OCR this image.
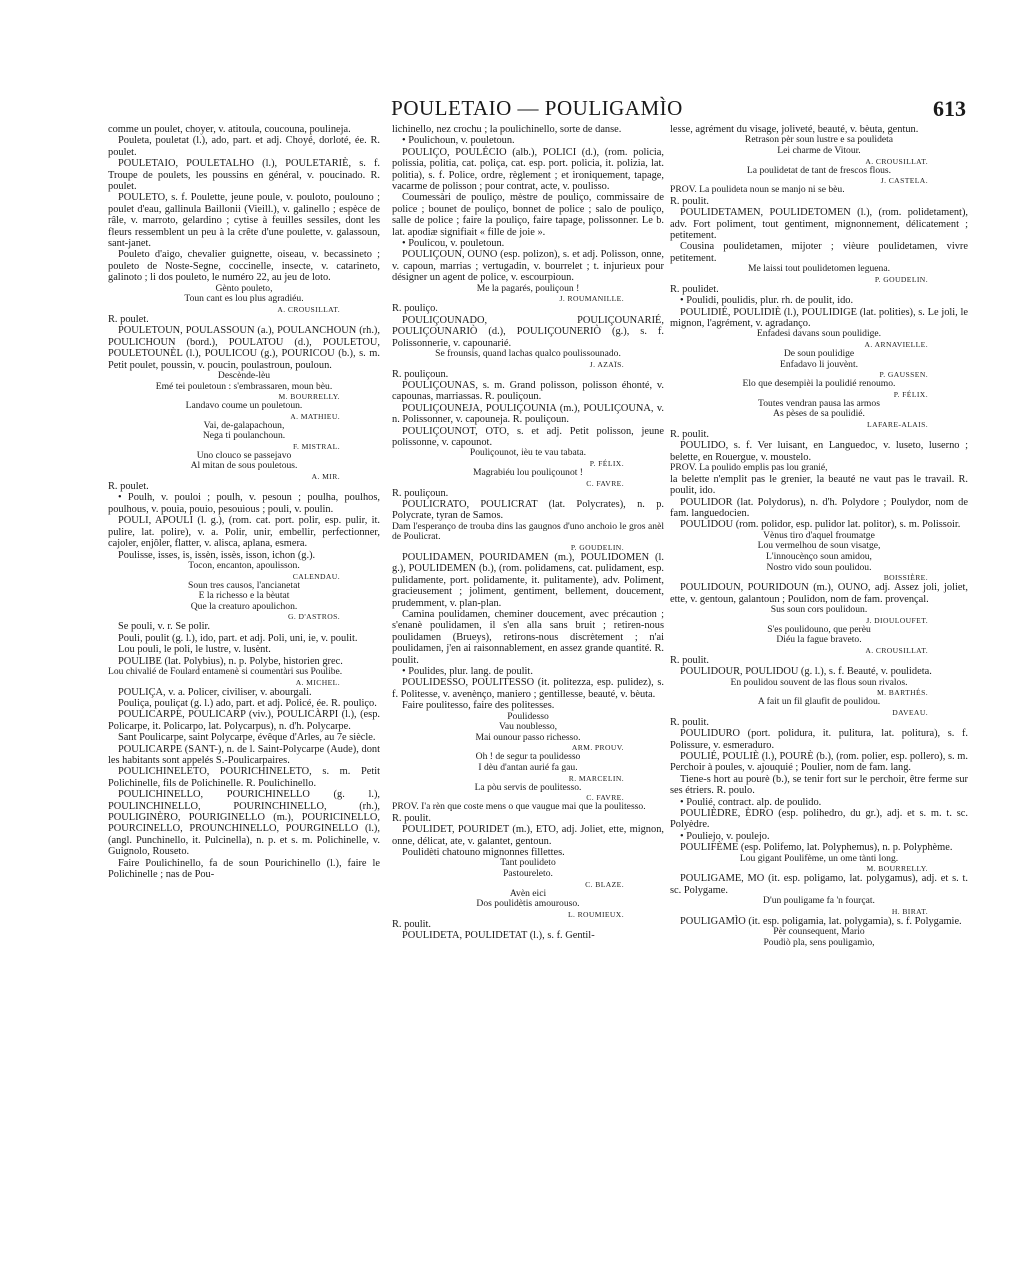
POULETAIO — POULIGAMÌO	613

comme un poulet, choyer, v. atitoula, coucouna, poulineja.

Pouleta, pouletat (l.), ado, part. et adj. Choyé, dorloté, ée. R. poulet.

POULETAIO, POULETALHO (l.), POULETARIÈ, s. f. Troupe de poulets, les poussins en général, v. poucinado. R. poulet.

POULETO, s. f. Poulette, jeune poule, v. pouloto, poulouno ; poulet d'eau, gallinula Baillonii (Vieill.), v. galinello ; espèce de râle, v. marroto, gelardino ; cytise à feuilles sessiles, dont les fleurs ressemblent un peu à la crête d'une poulette, v. galassoun, sant-janet.

Pouleto d'aigo, chevalier guignette, oiseau, v. becassineto ; pouleto de Noste-Segne, coccinelle, insecte, v. catarineto, galinoto ; li dos pouleto, le numéro 22, au jeu de loto.

Gènto pouleto,

Toun cant es lou plus agradiéu.

A. CROUSILLAT.

R. poulet.

POULETOUN, POULASSOUN (a.), POULANCHOUN (rh.), POULICHOUN (bord.), POULATOU (d.), POULETOU, POULETOUNÈL (l.), POULICOU (g.), POURICOU (b.), s. m. Petit poulet, poussin, v. poucin, poulastroun, pouloun.

Descènde-lèu

Emé tei pouletoun : s'embrassaren, moun bèu.

M. BOURRELLY.

Landavo coume un pouletoun.

A. MATHIEU.

Vai, de-galapachoun,

Nega ti poulanchoun.

F. MISTRAL.

Uno clouco se passejavo

Al mitan de sous pouletous.

A. MIR.

R. poulet.

• Poulh, v. pouloi ; poulh, v. pesoun ; poulha, poulhos, poulhous, v. pouia, pouio, pesouious ; pouli, v. poulin.

POULI, APOULI (l. g.), (rom. cat. port. polir, esp. pulir, it. pulire, lat. polire), v. a. Polir, unir, embellir, perfectionner, cajoler, enjôler, flatter, v. alisca, aplana, esmera.

Poulisse, isses, is, issèn, issès, isson, ichon (g.).

Tocon, encanton, apoulisson.

CALENDAU.

Soun tres causos, l'ancianetat

E la richesso e la bèutat

Que la creaturo apoulichon.

G. D'ASTROS.

Se pouli, v. r. Se polir.

Pouli, poulit (g. l.), ido, part. et adj. Poli, uni, ie, v. poulit.

Lou pouli, le poli, le lustre, v. lusènt.

POULIBE (lat. Polybius), n. p. Polybe, historien grec.

Lou chivalié de Foulard entamenè si coumentàri sus Poulibe.

A. MICHEL.

POULIÇA, v. a. Policer, civiliser, v. abourgali.

Pouliça, pouliçat (g. l.) ado, part. et adj. Policé, ée. R. pouliço.

POULICARPE, POULICARP (viv.), POULICÀRPI (l.), (esp. Policarpe, it. Policarpo, lat. Polycarpus), n. d'h. Polycarpe.

Sant Poulicarpe, saint Polycarpe, évêque d'Arles, au 7e siècle.

POULICARPE (SANT-), n. de l. Saint-Polycarpe (Aude), dont les habitants sont appelés S.-Poulicarpaires.

POULICHINELETO, POURICHINELETO, s. m. Petit Polichinelle, fils de Polichinelle. R. Poulichinello.

POULICHINELLO, POURICHINELLO (g. l.), POULINCHINELLO, POURINCHINELLO, (rh.), POULIGINÈRO, POURIGINELLO (m.), POURICINELLO, POURCINELLO, PROUNCHINELLO, POURGINELLO (l.), (angl. Punchinello, it. Pulcinella), n. p. et s. m. Polichinelle, v. Guignolo, Rouseto.

Faire Poulichinello, fa de soun Pourichinello (l.), faire le Polichinelle ; nas de Pou-

lichinello, nez crochu ; la poulichinello, sorte de danse.

• Poulichoun, v. pouletoun.

POULIÇO, POULÉCIO (alb.), POLICI (d.), (rom. policia, polissia, politia, cat. poliça, cat. esp. port. policia, it. polizia, lat. politia), s. f. Police, ordre, règlement ; et ironiquement, tapage, vacarme de polisson ; pour contrat, acte, v. poulisso.

Coumessàri de pouliço, mèstre de pouliço, commissaire de police ; bounet de pouliço, bonnet de police ; salo de pouliço, salle de police ; faire la pouliço, faire tapage, polissonner. Le b. lat. apodiæ signifiait « fille de joie ».

• Poulicou, v. pouletoun.

POULIÇOUN, OUNO (esp. polizon), s. et adj. Polisson, onne, v. capoun, marrias ; vertugadin, v. bourrelet ; t. injurieux pour désigner un agent de police, v. escourpioun.

Me la pagarés, pouliçoun !

J. ROUMANILLE.

R. pouliço.

POULIÇOUNADO, POULIÇOUNARIÉ, POULIÇOUNARIÒ (d.), POULIÇOUNERIÒ (g.), s. f. Polissonnerie, v. capounarié.

Se frounsis, quand lachas qualco poulissounado.

J. AZAÏS.

R. pouliçoun.

POULIÇOUNAS, s. m. Grand polisson, polisson éhonté, v. capounas, marriassas. R. pouliçoun.

POULIÇOUNEJA, POULIÇOUNIA (m.), POULIÇOUNA, v. n. Polissonner, v. capouneja. R. pouliçoun.

POULIÇOUNOT, OTO, s. et adj. Petit polisson, jeune polissonne, v. capounot.

Pouliçounot, ièu te vau tabata.

P. FÉLIX.

Magrabiéu lou pouliçounot !

C. FAVRE.

R. pouliçoun.

POULICRATO, POULICRAT (lat. Polycrates), n. p. Polycrate, tyran de Samos.

Dam l'esperanço de trouba dins las gaugnos d'uno anchoio le gros anèl de Poulicrat.

P. GOUDELIN.

POULIDAMEN, POURIDAMEN (m.), POULIDOMEN (l. g.), POULIDEMEN (b.), (rom. polidamens, cat. pulidament, esp. pulidamente, port. polidamente, it. pulitamente), adv. Poliment, gracieusement ; joliment, gentiment, bellement, doucement, prudemment, v. plan-plan.

Camina poulidamen, cheminer doucement, avec précaution ; s'enanè poulidamen, il s'en alla sans bruit ; retiren-nous poulidamen (Brueys), retirons-nous discrètement ; n'ai poulidamen, j'en ai raisonnablement, en assez grande quantité. R. poulit.

• Poulides, plur. lang. de poulit.

POULIDESSO, POULITESSO (it. politezza, esp. pulidez), s. f. Politesse, v. avenènço, maniero ; gentillesse, beauté, v. bèuta.

Faire poulitesso, faire des politesses.

Poulidesso

Vau noublesso,

Mai ounour passo richesso.

ARM. PROUV.

Oh ! de segur ta poulidesso

I dèu d'antan aurié fa gau.

R. MARCELIN.

La pòu servis de poulitesso.

C. FAVRE.

PROV. I'a rèn que coste mens o que vaugue mai que la poulitesso.

R. poulit.

POULIDET, POURIDET (m.), ETO, adj. Joliet, ette, mignon, onne, délicat, ate, v. galantet, gentoun.

Poulidèti chatouno mignonnes fillettes.

Tant poulideto

Pastoureleto.

C. BLAZE.

Avèn eici

Dos poulidètis amourouso.

L. ROUMIEUX.

R. poulit.

POULIDETA, POULIDETAT (l.), s. f. Gentil-

lesse, agrément du visage, joliveté, beauté, v. bèuta, gentun.

Retrason pèr soun lustre e sa poulideta

Lei charme de Vitour.

A. CROUSILLAT.

La poulidetat de tant de frescos flous.

J. CASTELA.

PROV. La poulideta noun se manjo ni se bèu.

R. poulit.

POULIDETAMEN, POULIDETOMEN (l.), (rom. polidetament), adv. Fort poliment, tout gentiment, mignonnement, délicatement ; petitement.

Cousina poulidetamen, mijoter ; vièure poulidetamen, vivre petitement.

Me laissi tout poulidetomen leguena.

P. GOUDELIN.

R. poulidet.

• Poulidi, poulidis, plur. rh. de poulit, ido.

POULIDIÉ, POULIDIÈ (l.), POULIDIGE (lat. polities), s. Le joli, le mignon, l'agrément, v. agradanço.

Enfadesi davans soun poulidige.

A. ARNAVIELLE.

De soun poulidige

Enfadavo li jouvènt.

P. GAUSSEN.

Elo que desempièi la poulidié renoumo.

P. FÉLIX.

Toutes vendran pausa las armos

As pèses de sa poulidié.

LAFARE-ALAIS.

R. poulit.

POULIDO, s. f. Ver luisant, en Languedoc, v. luseto, luserno ; belette, en Rouergue, v. moustelo.

PROV. La poulido emplis pas lou granié,

la belette n'emplit pas le grenier, la beauté ne vaut pas le travail. R. poulit, ido.

POULIDOR (lat. Polydorus), n. d'h. Polydore ; Poulydor, nom de fam. languedocien.

POULIDOU (rom. polidor, esp. pulidor lat. politor), s. m. Polissoir.

Vènus tiro d'aquel froumatge

Lou vermelhou de soun visatge,

L'innoucènço soun amidou,

Nostro vido soun poulidou.

BOISSIÈRE.

POULIDOUN, POURIDOUN (m.), OUNO, adj. Assez joli, joliet, ette, v. gentoun, galantoun ; Poulidon, nom de fam. provençal.

Sus soun cors poulidoun.

J. DIOULOUFET.

S'es poulidouno, que perèu

Diéu la fague braveto.

A. CROUSILLAT.

R. poulit.

POULIDOUR, POULIDOU (g. l.), s. f. Beauté, v. poulideta.

En poulidou souvent de las flous soun rivalos.

M. BARTHÉS.

A fait un fil glaufit de poulidou.

DAVEAU.

R. poulit.

POULIDURO (port. polidura, it. pulitura, lat. politura), s. f. Polissure, v. esmeraduro.

POULIÉ, POULIÈ (l.), POURÈ (b.), (rom. polier, esp. pollero), s. m. Perchoir à poules, v. ajouquié ; Poulier, nom de fam. lang.

Tiene-s hort au pourè (b.), se tenir fort sur le perchoir, être ferme sur ses étriers. R. poulo.

• Poulié, contract. alp. de poulido.

POULIÈDRE, ÈDRO (esp. polihedro, du gr.), adj. et s. m. t. sc. Polyèdre.

• Pouliejo, v. poulejo.

POULIFÈME (esp. Polifemo, lat. Polyphemus), n. p. Polyphème.

Lou gigant Poulifème, un ome tànti long.

M. BOURRELLY.

POULIGAME, MO (it. esp. poligamo, lat. polygamus), adj. et s. t. sc. Polygame.

D'un pouligame fa 'n fourçat.

H. BIRAT.

POULIGAMÌO (it. esp. poligamia, lat. polygamia), s. f. Polygamie.

Pèr counsequent, Mario

Poudiò pla, sens pouligamìo,
